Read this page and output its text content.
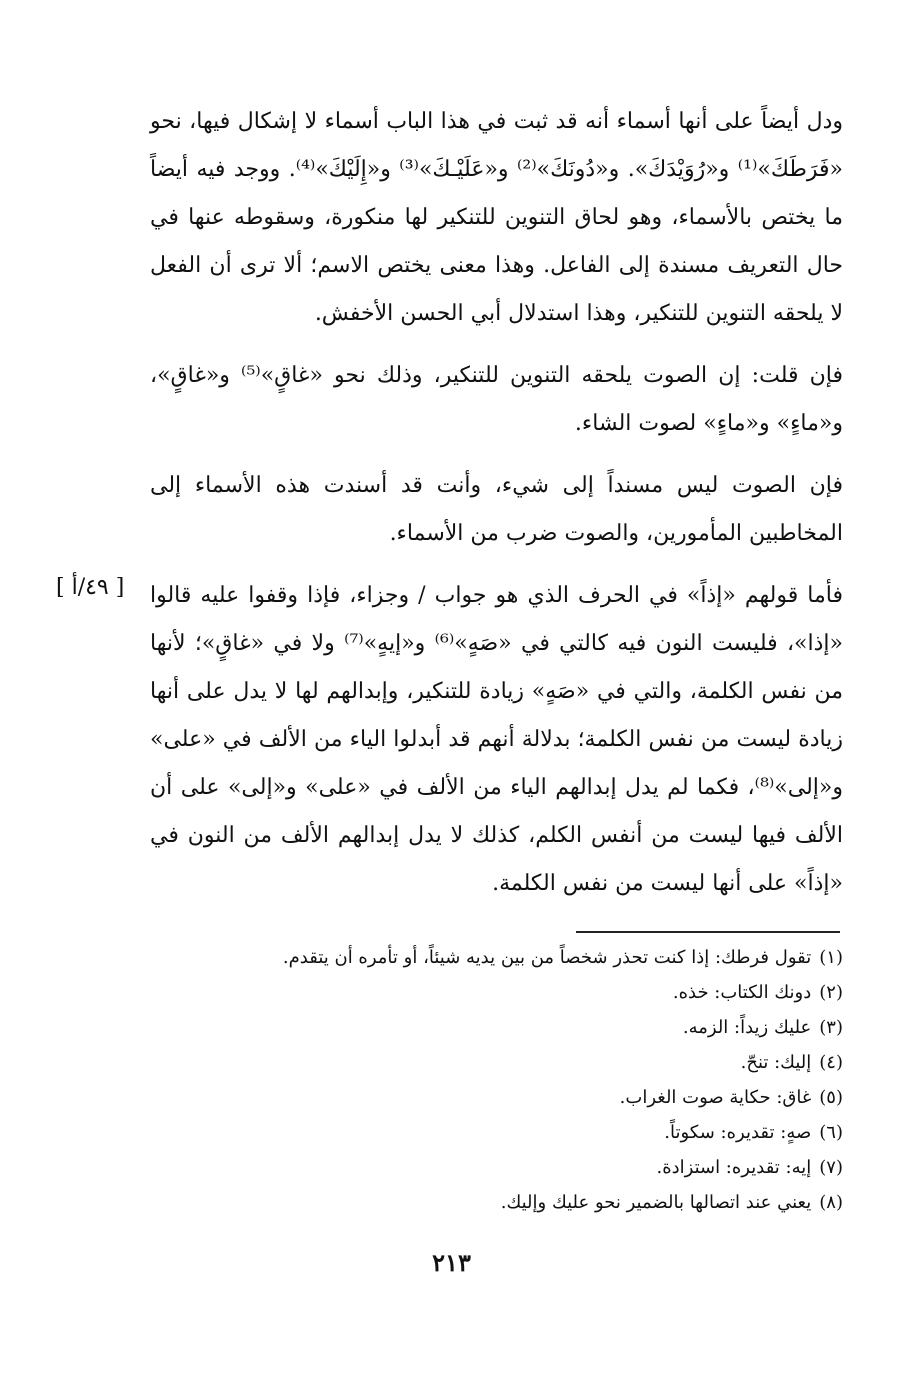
ودل أيضاً على أنها أسماء أنه قد ثبت في هذا الباب أسماء لا إشكال فيها، نحو «فَرَطَكَ»⁽¹⁾ و«رُوَيْدَكَ». و«دُونَكَ»⁽²⁾ و«عَلَيْـكَ»⁽³⁾ و«إِلَيْكَ»⁽⁴⁾. ووجد فيه أيضاً ما يختص بالأسماء، وهو لحاق التنوين للتنكير لها منكورة، وسقوطه عنها في حال التعريف مسندة إلى الفاعل. وهذا معنى يختص الاسم؛ ألا ترى أن الفعل لا يلحقه التنوين للتنكير، وهذا استدلال أبي الحسن الأخفش.

فإن قلت: إن الصوت يلحقه التنوين للتنكير، وذلك نحو «غاقٍ»⁽⁵⁾ و«غاقٍ»، و«ماءٍ» و«ماءٍ» لصوت الشاء.

فإن الصوت ليس مسنداً إلى شيء، وأنت قد أسندت هذه الأسماء إلى المخاطبين المأمورين، والصوت ضرب من الأسماء.

فأما قولهم «إذاً» في الحرف الذي هو جواب / وجزاء، فإذا وقفوا عليه قالوا «إذا»، فليست النون فيه كالتي في «صَهٍ»⁽⁶⁾ و«إيهٍ»⁽⁷⁾ ولا في «غاقٍ»؛ لأنها من نفس الكلمة، والتي في «صَهٍ» زيادة للتنكير، وإبدالهم لها لا يدل على أنها زيادة ليست من نفس الكلمة؛ بدلالة أنهم قد أبدلوا الياء من الألف في «على» و«إلى»⁽⁸⁾، فكما لم يدل إبدالهم الياء من الألف في «على» و«إلى» على أن الألف فيها ليست من أنفس الكلم، كذلك لا يدل إبدالهم الألف من النون في «إذاً» على أنها ليست من نفس الكلمة.

[ ٤٩/أ ]
(١)
تقول فرطك: إذا كنت تحذر شخصاً من بين يديه شيئاً، أو تأمره أن يتقدم.
(٢)
دونك الكتاب: خذه.
(٣)
عليك زيداً: الزمه.
(٤)
إليك: تنحّ.
(٥)
غاق: حكاية صوت الغراب.
(٦)
صهٍ: تقديره: سكوتاً.
(٧)
إيه: تقديره: استزادة.
(٨)
يعني عند اتصالها بالضمير نحو عليك وإليك.
٢١٣
